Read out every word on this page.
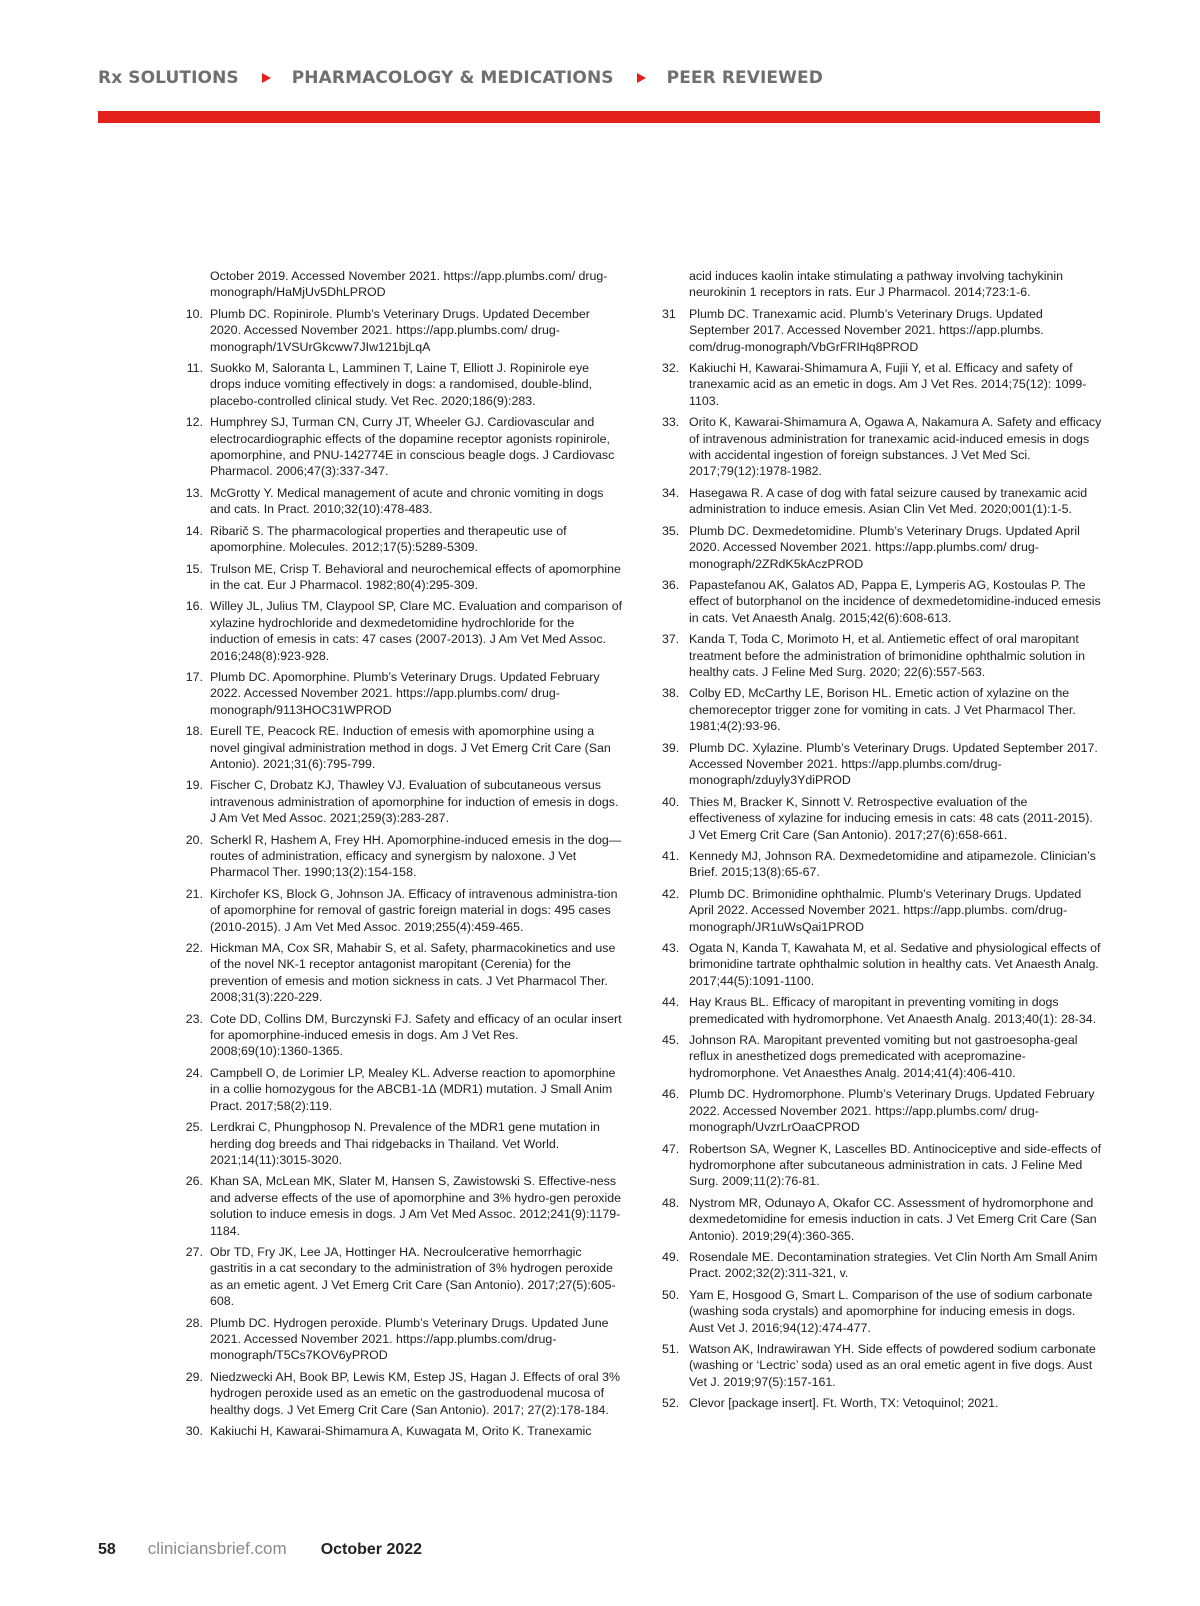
Rx SOLUTIONS	PHARMACOLOGY & MEDICATIONS	PEER REVIEWED
October 2019. Accessed November 2021. https://app.plumbs.com/ drug-monograph/HaMjUv5DhLPROD
10. Plumb DC. Ropinirole. Plumb’s Veterinary Drugs. Updated December 2020. Accessed November 2021. https://app.plumbs.com/ drug-monograph/1VSUrGkcww7JIw121bjLqA
11. Suokko M, Saloranta L, Lamminen T, Laine T, Elliott J. Ropinirole eye drops induce vomiting effectively in dogs: a randomised, double-blind, placebo-controlled clinical study. Vet Rec. 2020;186(9):283.
12. Humphrey SJ, Turman CN, Curry JT, Wheeler GJ. Cardiovascular and electrocardiographic effects of the dopamine receptor agonists ropinirole, apomorphine, and PNU-142774E in conscious beagle dogs. J Cardiovasc Pharmacol. 2006;47(3):337-347.
13. McGrotty Y. Medical management of acute and chronic vomiting in dogs and cats. In Pract. 2010;32(10):478-483.
14. Ribarič S. The pharmacological properties and therapeutic use of apomorphine. Molecules. 2012;17(5):5289-5309.
15. Trulson ME, Crisp T. Behavioral and neurochemical effects of apomorphine in the cat. Eur J Pharmacol. 1982;80(4):295-309.
16. Willey JL, Julius TM, Claypool SP, Clare MC. Evaluation and comparison of xylazine hydrochloride and dexmedetomidine hydrochloride for the induction of emesis in cats: 47 cases (2007-2013). J Am Vet Med Assoc. 2016;248(8):923-928.
17. Plumb DC. Apomorphine. Plumb’s Veterinary Drugs. Updated February 2022. Accessed November 2021. https://app.plumbs.com/ drug-monograph/9113HOC31WPROD
18. Eurell TE, Peacock RE. Induction of emesis with apomorphine using a novel gingival administration method in dogs. J Vet Emerg Crit Care (San Antonio). 2021;31(6):795-799.
19. Fischer C, Drobatz KJ, Thawley VJ. Evaluation of subcutaneous versus intravenous administration of apomorphine for induction of emesis in dogs. J Am Vet Med Assoc. 2021;259(3):283-287.
20. Scherkl R, Hashem A, Frey HH. Apomorphine-induced emesis in the dog—routes of administration, efficacy and synergism by naloxone. J Vet Pharmacol Ther. 1990;13(2):154-158.
21. Kirchofer KS, Block G, Johnson JA. Efficacy of intravenous administra-tion of apomorphine for removal of gastric foreign material in dogs: 495 cases (2010-2015). J Am Vet Med Assoc. 2019;255(4):459-465.
22. Hickman MA, Cox SR, Mahabir S, et al. Safety, pharmacokinetics and use of the novel NK-1 receptor antagonist maropitant (Cerenia) for the prevention of emesis and motion sickness in cats. J Vet Pharmacol Ther. 2008;31(3):220-229.
23. Cote DD, Collins DM, Burczynski FJ. Safety and efficacy of an ocular insert for apomorphine-induced emesis in dogs. Am J Vet Res. 2008;69(10):1360-1365.
24. Campbell O, de Lorimier LP, Mealey KL. Adverse reaction to apomorphine in a collie homozygous for the ABCB1-1Δ (MDR1) mutation. J Small Anim Pract. 2017;58(2):119.
25. Lerdkrai C, Phungphosop N. Prevalence of the MDR1 gene mutation in herding dog breeds and Thai ridgebacks in Thailand. Vet World. 2021;14(11):3015-3020.
26. Khan SA, McLean MK, Slater M, Hansen S, Zawistowski S. Effective-ness and adverse effects of the use of apomorphine and 3% hydro-gen peroxide solution to induce emesis in dogs. J Am Vet Med Assoc. 2012;241(9):1179-1184.
27. Obr TD, Fry JK, Lee JA, Hottinger HA. Necroulcerative hemorrhagic gastritis in a cat secondary to the administration of 3% hydrogen peroxide as an emetic agent. J Vet Emerg Crit Care (San Antonio). 2017;27(5):605-608.
28. Plumb DC. Hydrogen peroxide. Plumb’s Veterinary Drugs. Updated June 2021. Accessed November 2021. https://app.plumbs.com/drug-monograph/T5Cs7KOV6yPROD
29. Niedzwecki AH, Book BP, Lewis KM, Estep JS, Hagan J. Effects of oral 3% hydrogen peroxide used as an emetic on the gastroduodenal mucosa of healthy dogs. J Vet Emerg Crit Care (San Antonio). 2017; 27(2):178-184.
30. Kakiuchi H, Kawarai-Shimamura A, Kuwagata M, Orito K. Tranexamic
acid induces kaolin intake stimulating a pathway involving tachykinin neurokinin 1 receptors in rats. Eur J Pharmacol. 2014;723:1-6.
31	Plumb DC. Tranexamic acid. Plumb’s Veterinary Drugs. Updated September 2017. Accessed November 2021. https://app.plumbs. com/drug-monograph/VbGrFRIHq8PROD
32. Kakiuchi H, Kawarai-Shimamura A, Fujii Y, et al. Efficacy and safety of tranexamic acid as an emetic in dogs. Am J Vet Res. 2014;75(12): 1099-1103.
33. Orito K, Kawarai-Shimamura A, Ogawa A, Nakamura A. Safety and efficacy of intravenous administration for tranexamic acid-induced emesis in dogs with accidental ingestion of foreign substances. J Vet Med Sci. 2017;79(12):1978-1982.
34. Hasegawa R. A case of dog with fatal seizure caused by tranexamic acid administration to induce emesis. Asian Clin Vet Med. 2020;001(1):1-5.
35. Plumb DC. Dexmedetomidine. Plumb’s Veterinary Drugs. Updated April 2020. Accessed November 2021. https://app.plumbs.com/ drug-monograph/2ZRdK5kAczPROD
36. Papastefanou AK, Galatos AD, Pappa E, Lymperis AG, Kostoulas P. The effect of butorphanol on the incidence of dexmedetomidine-induced emesis in cats. Vet Anaesth Analg. 2015;42(6):608-613.
37. Kanda T, Toda C, Morimoto H, et al. Antiemetic effect of oral maropitant treatment before the administration of brimonidine ophthalmic solution in healthy cats. J Feline Med Surg. 2020; 22(6):557-563.
38. Colby ED, McCarthy LE, Borison HL. Emetic action of xylazine on the chemoreceptor trigger zone for vomiting in cats. J Vet Pharmacol Ther. 1981;4(2):93-96.
39. Plumb DC. Xylazine. Plumb’s Veterinary Drugs. Updated September 2017. Accessed November 2021. https://app.plumbs.com/drug-monograph/zduyly3YdiPROD
40. Thies M, Bracker K, Sinnott V. Retrospective evaluation of the effectiveness of xylazine for inducing emesis in cats: 48 cats (2011-2015). J Vet Emerg Crit Care (San Antonio). 2017;27(6):658-661.
41. Kennedy MJ, Johnson RA. Dexmedetomidine and atipamezole. Clinician’s Brief. 2015;13(8):65-67.
42. Plumb DC. Brimonidine ophthalmic. Plumb’s Veterinary Drugs. Updated April 2022. Accessed November 2021. https://app.plumbs. com/drug-monograph/JR1uWsQai1PROD
43. Ogata N, Kanda T, Kawahata M, et al. Sedative and physiological effects of brimonidine tartrate ophthalmic solution in healthy cats. Vet Anaesth Analg. 2017;44(5):1091-1100.
44. Hay Kraus BL. Efficacy of maropitant in preventing vomiting in dogs premedicated with hydromorphone. Vet Anaesth Analg. 2013;40(1): 28-34.
45. Johnson RA. Maropitant prevented vomiting but not gastroesopha-geal reflux in anesthetized dogs premedicated with acepromazine-hydromorphone. Vet Anaesthes Analg. 2014;41(4):406-410.
46. Plumb DC. Hydromorphone. Plumb’s Veterinary Drugs. Updated February 2022. Accessed November 2021. https://app.plumbs.com/ drug-monograph/UvzrLrOaaCPROD
47. Robertson SA, Wegner K, Lascelles BD. Antinociceptive and side-effects of hydromorphone after subcutaneous administration in cats. J Feline Med Surg. 2009;11(2):76-81.
48. Nystrom MR, Odunayo A, Okafor CC. Assessment of hydromorphone and dexmedetomidine for emesis induction in cats. J Vet Emerg Crit Care (San Antonio). 2019;29(4):360-365.
49. Rosendale ME. Decontamination strategies. Vet Clin North Am Small Anim Pract. 2002;32(2):311-321, v.
50. Yam E, Hosgood G, Smart L. Comparison of the use of sodium carbonate (washing soda crystals) and apomorphine for inducing emesis in dogs. Aust Vet J. 2016;94(12):474-477.
51. Watson AK, Indrawirawan YH. Side effects of powdered sodium carbonate (washing or ‘Lectric’ soda) used as an oral emetic agent in five dogs. Aust Vet J. 2019;97(5):157-161.
52. Clevor [package insert]. Ft. Worth, TX: Vetoquinol; 2021.
58 cliniciansbrief.com October 2022
